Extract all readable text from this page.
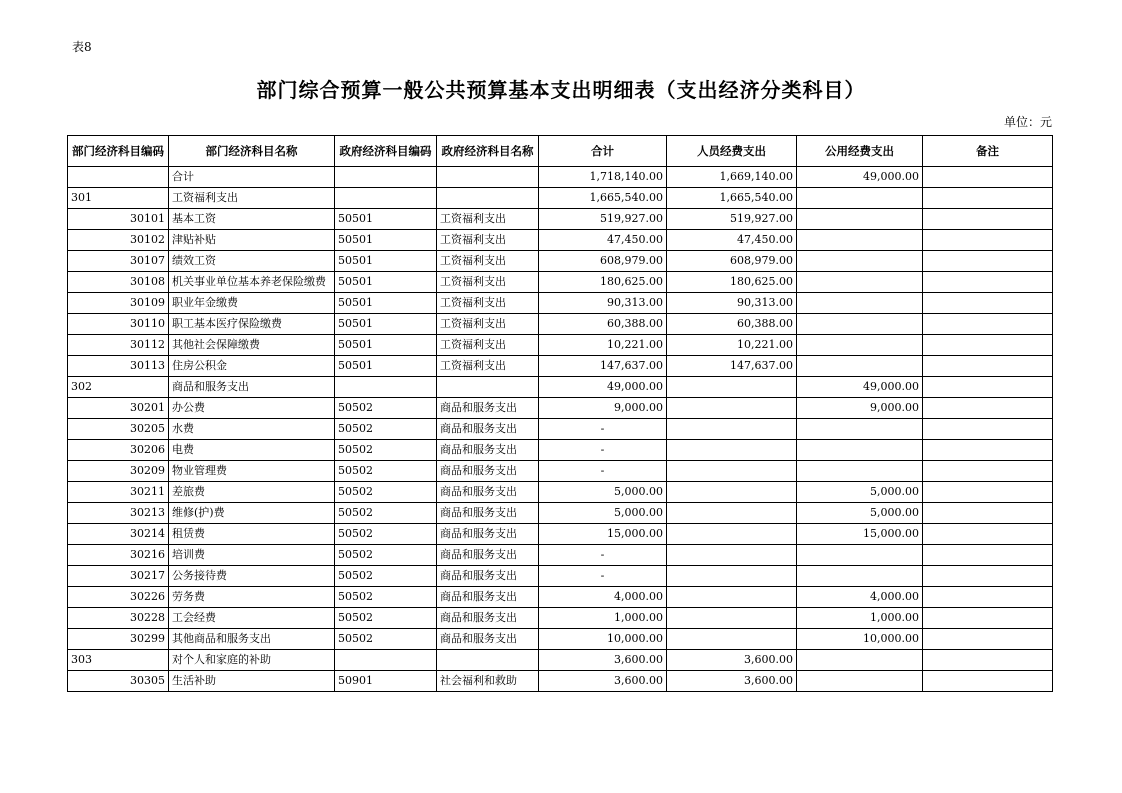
表8
部门综合预算一般公共预算基本支出明细表（支出经济分类科目）
单位：元
部门经济科目编码	部门经济科目名称	政府经济科目编码	政府经济科目名称	合计	人员经费支出	公用经费支出	备注
	合计			1,718,140.00	1,669,140.00	49,000.00	
301	工资福利支出			1,665,540.00	1,665,540.00		
30101	基本工资	50501	工资福利支出	519,927.00	519,927.00		
30102	津贴补贴	50501	工资福利支出	47,450.00	47,450.00		
30107	绩效工资	50501	工资福利支出	608,979.00	608,979.00		
30108	机关事业单位基本养老保险缴费	50501	工资福利支出	180,625.00	180,625.00		
30109	职业年金缴费	50501	工资福利支出	90,313.00	90,313.00		
30110	职工基本医疗保险缴费	50501	工资福利支出	60,388.00	60,388.00		
30112	其他社会保障缴费	50501	工资福利支出	10,221.00	10,221.00		
30113	住房公积金	50501	工资福利支出	147,637.00	147,637.00		
302	商品和服务支出			49,000.00		49,000.00	
30201	办公费	50502	商品和服务支出	9,000.00		9,000.00	
30205	水费	50502	商品和服务支出	-			
30206	电费	50502	商品和服务支出	-			
30209	物业管理费	50502	商品和服务支出	-			
30211	差旅费	50502	商品和服务支出	5,000.00		5,000.00	
30213	维修(护)费	50502	商品和服务支出	5,000.00		5,000.00	
30214	租赁费	50502	商品和服务支出	15,000.00		15,000.00	
30216	培训费	50502	商品和服务支出	-			
30217	公务接待费	50502	商品和服务支出	-			
30226	劳务费	50502	商品和服务支出	4,000.00		4,000.00	
30228	工会经费	50502	商品和服务支出	1,000.00		1,000.00	
30299	其他商品和服务支出	50502	商品和服务支出	10,000.00		10,000.00	
303	对个人和家庭的补助			3,600.00	3,600.00		
30305	生活补助	50901	社会福利和救助	3,600.00	3,600.00		
